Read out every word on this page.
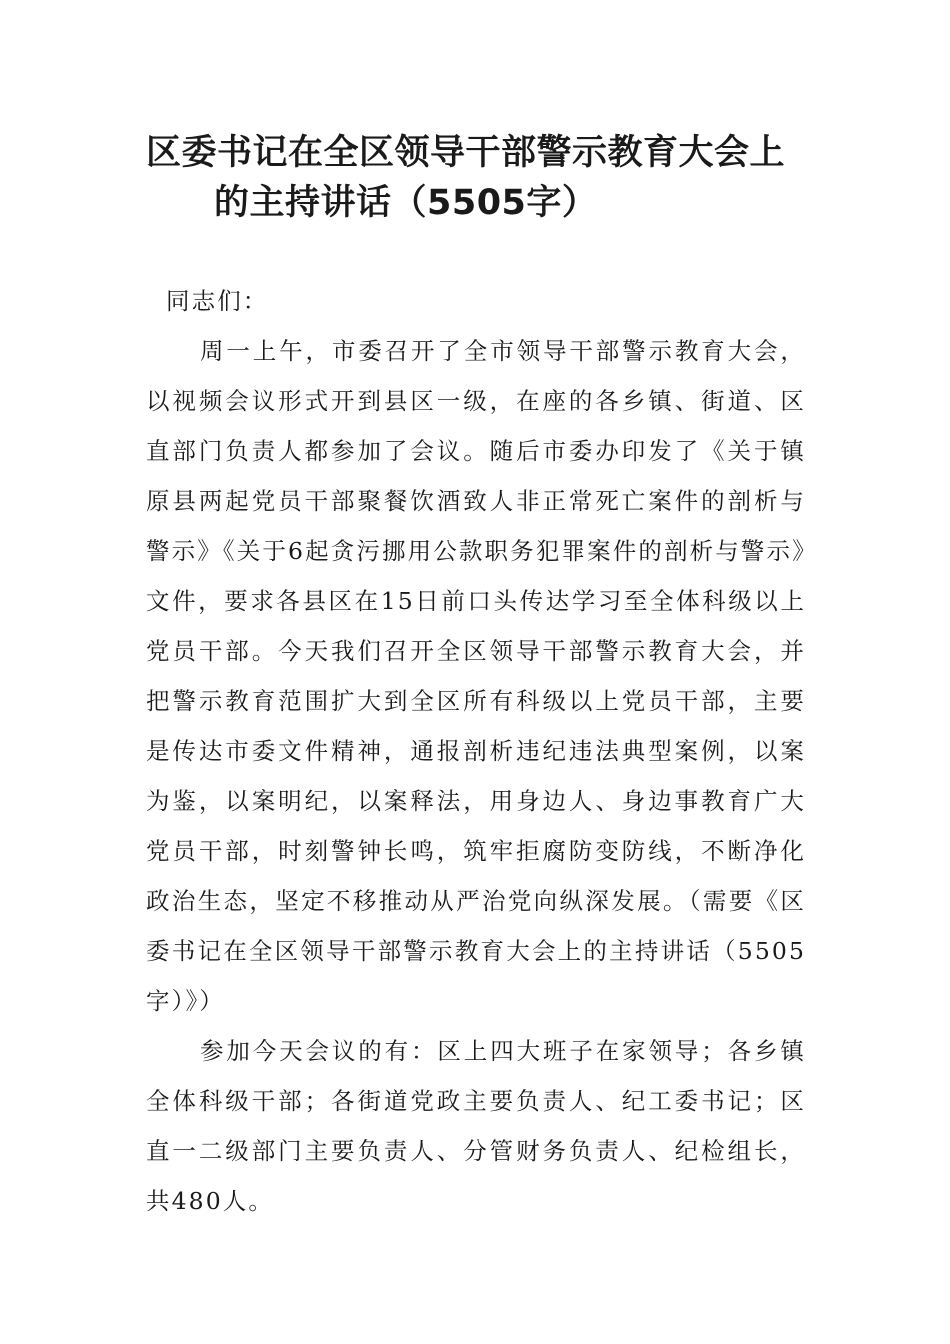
区委书记在全区领导干部警示教育大会上
的主持讲话（5505字）

同志们：

周一上午，市委召开了全市领导干部警示教育大会，以视频会议形式开到县区一级，在座的各乡镇、街道、区直部门负责人都参加了会议。随后市委办印发了《关于镇原县两起党员干部聚餐饮酒致人非正常死亡案件的剖析与警示》《关于6起贪污挪用公款职务犯罪案件的剖析与警示》文件，要求各县区在15日前口头传达学习至全体科级以上党员干部。今天我们召开全区领导干部警示教育大会，并把警示教育范围扩大到全区所有科级以上党员干部，主要是传达市委文件精神，通报剖析违纪违法典型案例，以案为鉴，以案明纪，以案释法，用身边人、身边事教育广大党员干部，时刻警钟长鸣，筑牢拒腐防变防线，不断净化政治生态，坚定不移推动从严治党向纵深发展。（需要《区委书记在全区领导干部警示教育大会上的主持讲话（5505字）》）

参加今天会议的有：区上四大班子在家领导；各乡镇全体科级干部；各街道党政主要负责人、纪工委书记；区直一二级部门主要负责人、分管财务负责人、纪检组长，共480人。
